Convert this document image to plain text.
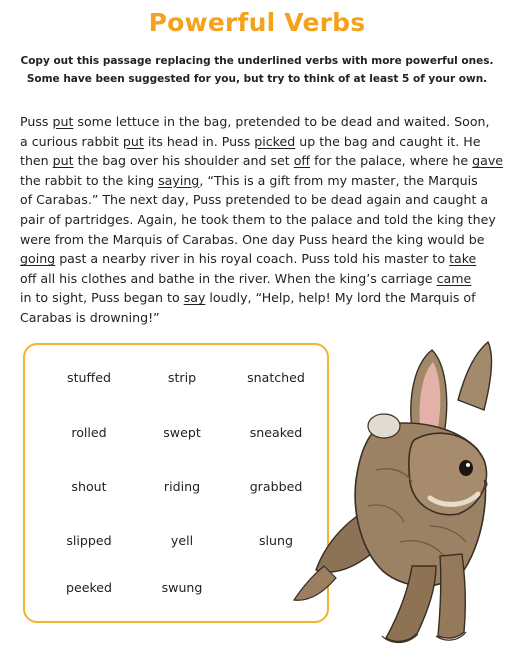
Powerful Verbs
Copy out this passage replacing the underlined verbs with more powerful ones.
Some have been suggested for you, but try to think of at least 5 of your own.
Puss put some lettuce in the bag, pretended to be dead and waited. Soon,
a curious rabbit put its head in. Puss picked up the bag and caught it. He
then put the bag over his shoulder and set off for the palace, where he gave
the rabbit to the king saying, “This is a gift from my master, the Marquis
of Carabas.” The next day, Puss pretended to be dead again and caught a
pair of partridges. Again, he took them to the palace and told the king they
were from the Marquis of Carabas. One day Puss heard the king would be
going past a nearby river in his royal coach. Puss told his master to take
off all his clothes and bathe in the river. When the king’s carriage came
in to sight, Puss began to say loudly, “Help, help! My lord the Marquis of
Carabas is drowning!”
stuffed	strip	snatched
rolled	swept	sneaked
shout	riding	grabbed
slipped	yell	slung
peeked	swung
